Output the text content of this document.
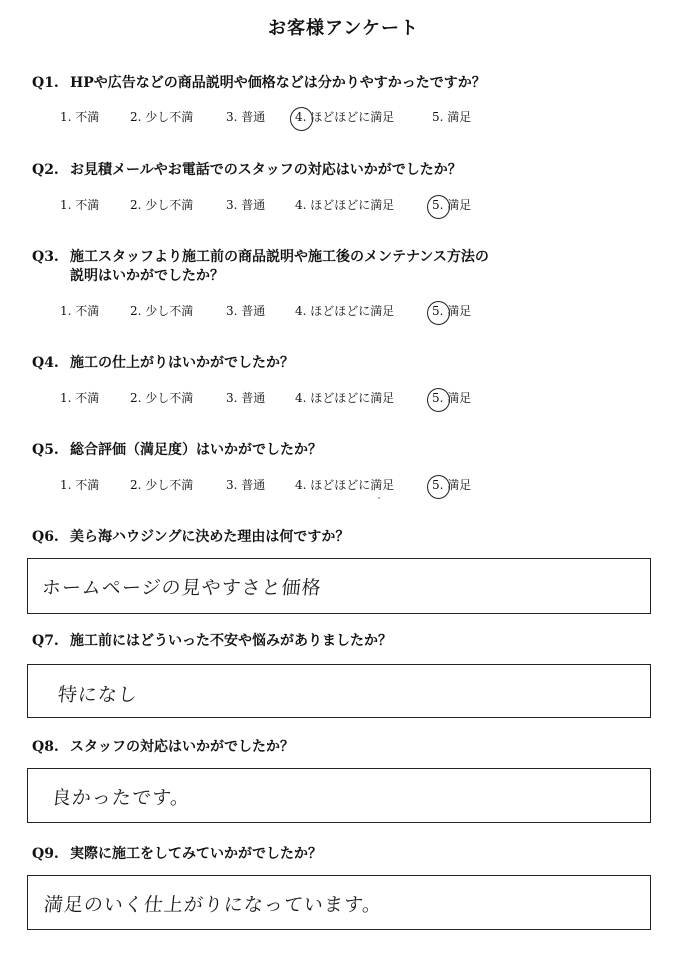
お客様アンケート
Q1. HPや広告などの商品説明や価格などは分かりやすかったですか？
1. 不満	2. 少し不満	3. 普通 4. ほどほどに満足	5. 満足
Q2. お見積メールやお電話でのスタッフの対応はいかがでしたか？
1. 不満	2. 少し不満	3. 普通 4. ほどほどに満足	5. 満足
Q3. 施工スタッフより施工前の商品説明や施工後のメンテナンス方法の
説明はいかがでしたか？
1. 不満	2. 少し不満	3. 普通 4. ほどほどに満足	5. 満足
Q4. 施工の仕上がりはいかがでしたか？
1. 不満	2. 少し不満	3. 普通 4. ほどほどに満足	5. 満足
Q5. 総合評価（満足度）はいかがでしたか？
1. 不満	2. 少し不満	3. 普通 4. ほどほどに満足	5. 満足
Q6. 美ら海ハウジングに決めた理由は何ですか？
ホームページの見やすさと価格
Q7. 施工前にはどういった不安や悩みがありましたか？
特になし
Q8. スタッフの対応はいかがでしたか？
良かったです。
Q9. 実際に施工をしてみていかがでしたか？
満足のいく仕上がりになっています。
